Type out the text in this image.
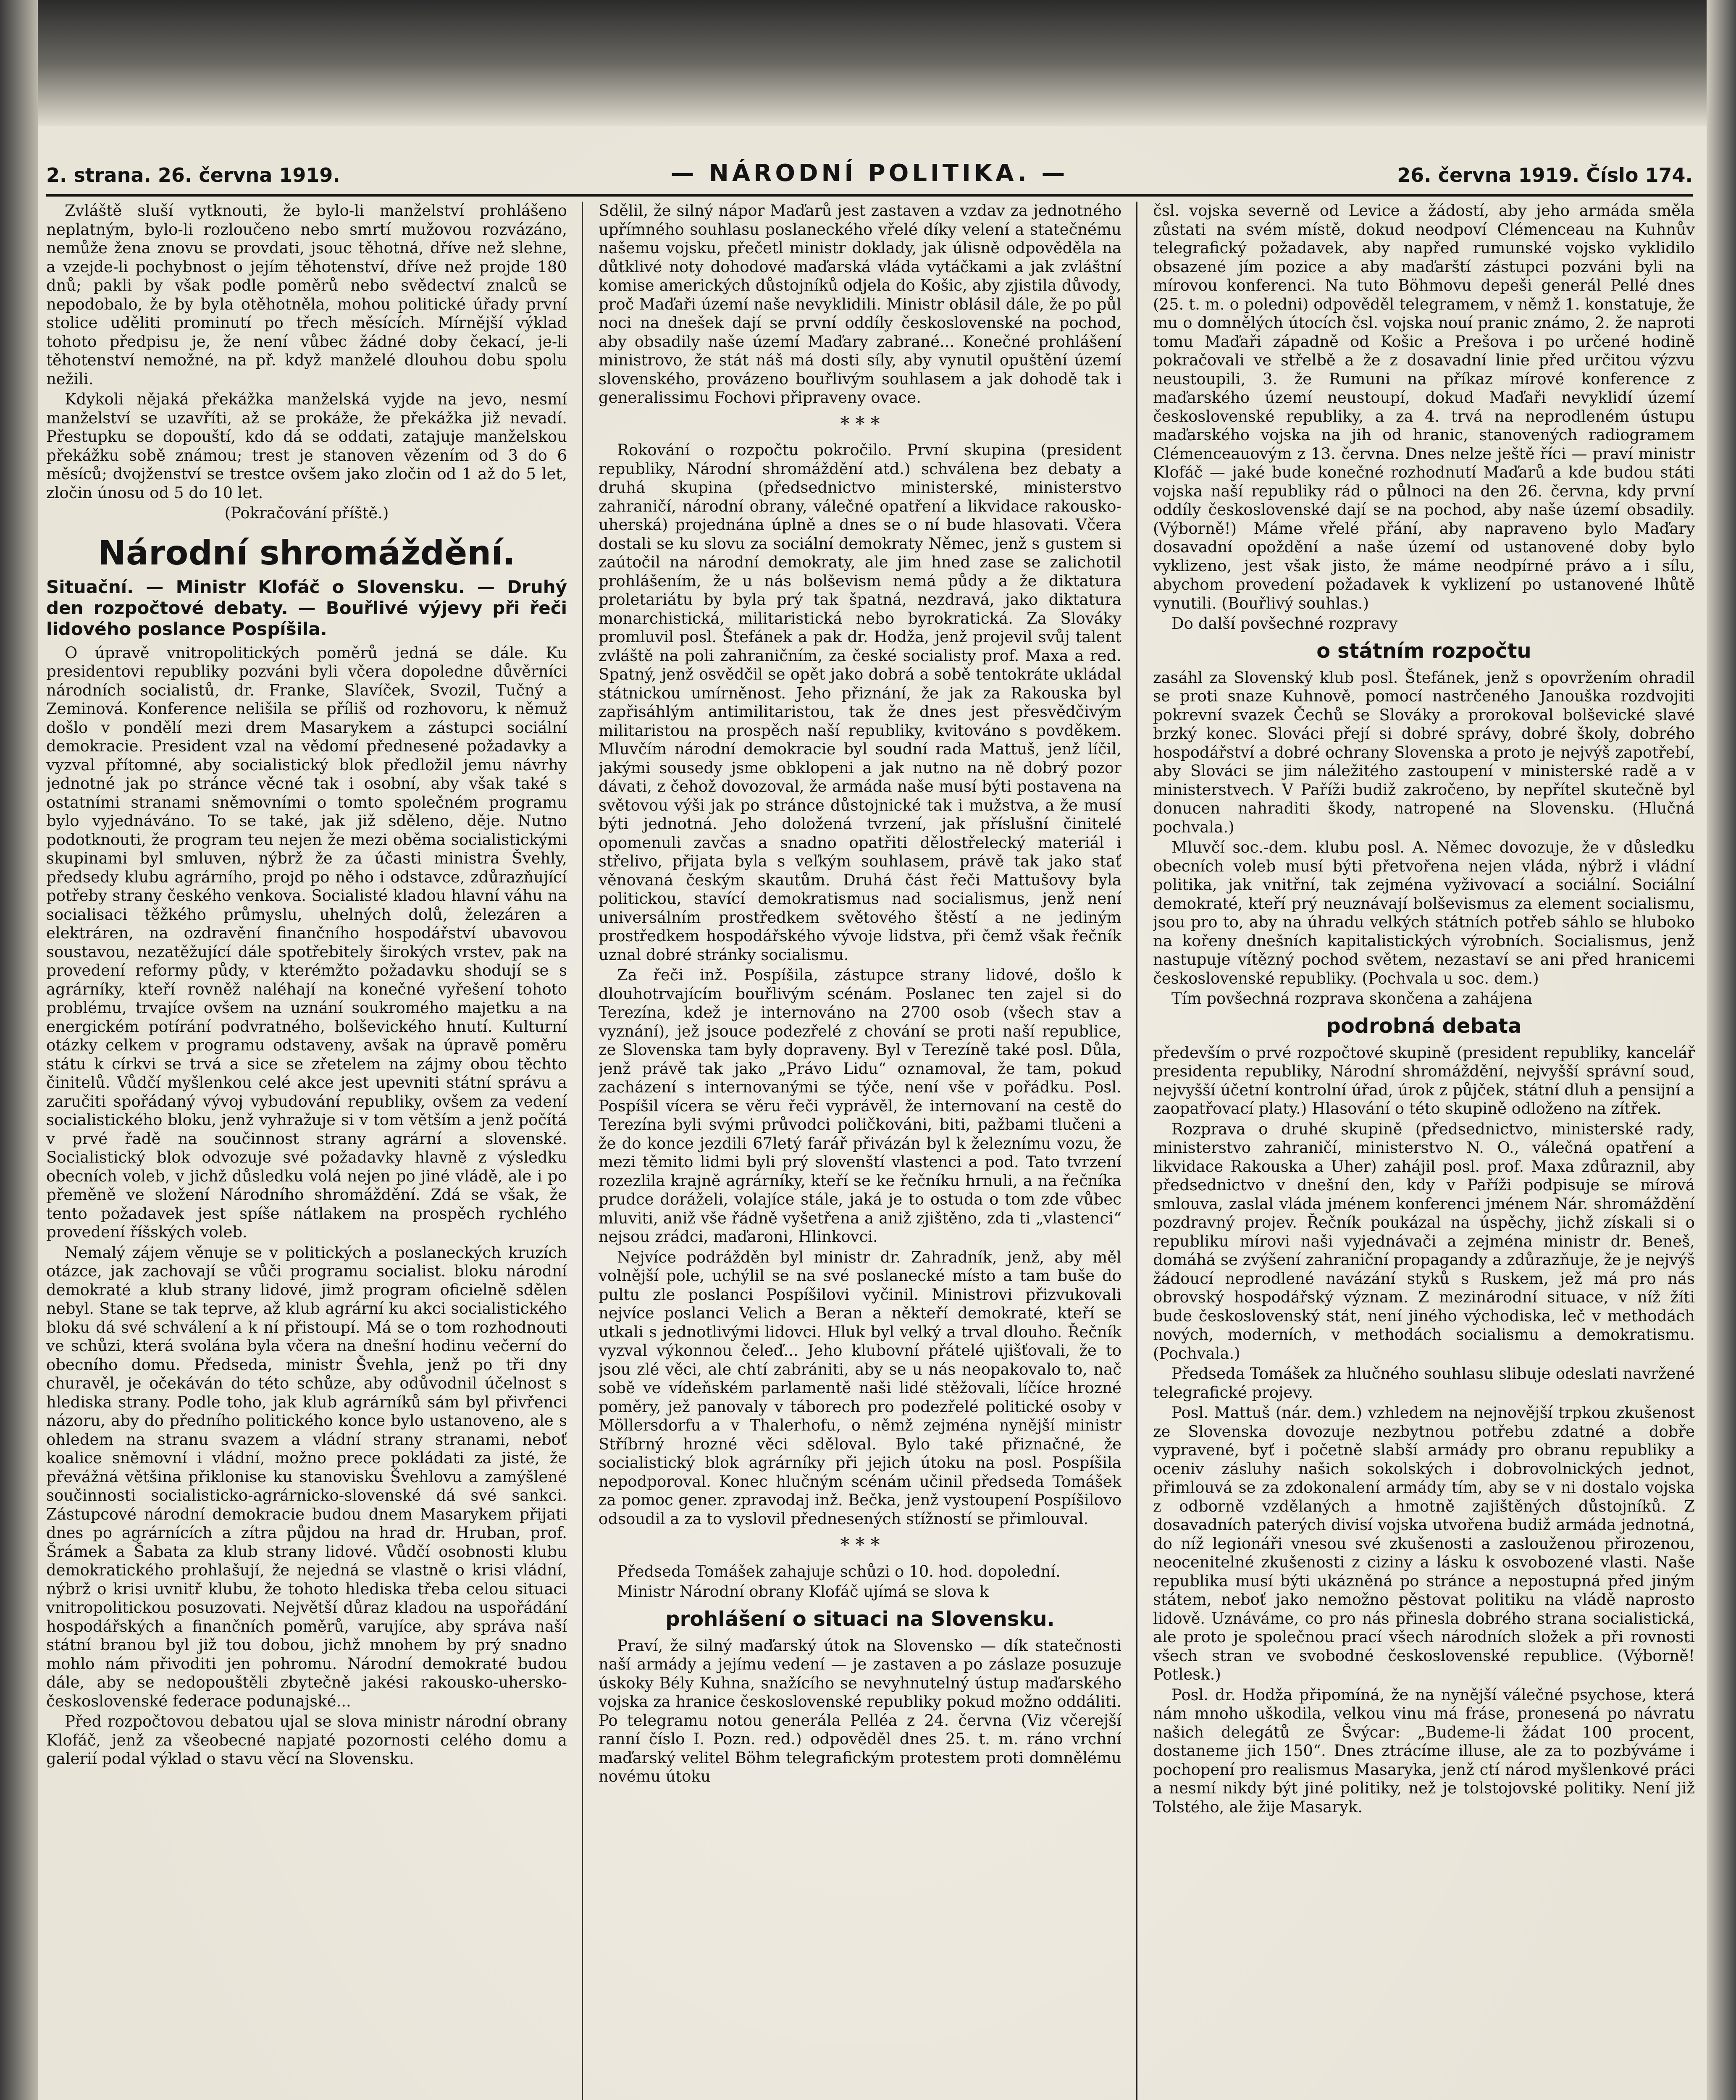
2. strana. 26. června 1919.	— NÁRODNÍ POLITIKA. —	26. června 1919. Číslo 174.

Zvláště sluší vytknouti, že bylo-li manželství prohlášeno neplatným, bylo-li rozloučeno nebo smrtí mužovou rozvázáno, nemůže žena znovu se provdati, jsouc těhotná, dříve než slehne, a vzejde-li pochybnost o jejím těhotenství, dříve než projde 180 dnů; pakli by však podle poměrů nebo svědectví znalců se nepodobalo, že by byla otěhotněla, mohou politické úřady první stolice uděliti prominutí po třech měsících. Mírnější výklad tohoto předpisu je, že není vůbec žádné doby čekací, je-li těhotenství nemožné, na př. když manželé dlouhou dobu spolu nežili.

Kdykoli nějaká překážka manželská vyjde na jevo, nesmí manželství se uzavříti, až se prokáže, že překážka již nevadí. Přestupku se dopouští, kdo dá se oddati, zatajuje manželskou překážku sobě známou; trest je stanoven vězením od 3 do 6 měsíců; dvojženství se trestce ovšem jako zločin od 1 až do 5 let, zločin únosu od 5 do 10 let.

(Pokračování příště.)

Národní shromáždění.
Situační. — Ministr Klofáč o Slovensku. — Druhý den rozpočtové debaty. — Bouřlivé výjevy při řeči lidového poslance Pospíšila.

O úpravě vnitropolitických poměrů jedná se dále. Ku presidentovi republiky pozváni byli včera dopoledne důvěrníci národních socialistů, dr. Franke, Slavíček, Svozil, Tučný a Zeminová. Konference nelišila se příliš od rozhovoru, k němuž došlo v pondělí mezi drem Masarykem a zástupci sociální demokracie. President vzal na vědomí přednesené požadavky a vyzval přítomné, aby socialistický blok předložil jemu návrhy jednotné jak po stránce věcné tak i osobní, aby však také s ostatními stranami sněmovními o tomto společném programu bylo vyjednáváno. To se také, jak již sděleno, děje. Nutno podotknouti, že program teu nejen že mezi oběma socialistickými skupinami byl smluven, nýbrž že za účasti ministra Švehly, předsedy klubu agrárního, projd po něho i odstavce, zdůrazňující potřeby strany českého venkova. Socialisté kladou hlavní váhu na socialisaci těžkého průmyslu, uhelných dolů, železáren a elektráren, na ozdravění finančního hospodářství ubavovou soustavou, nezatěžující dále spotřebitely širokých vrstev, pak na provedení reformy půdy, v kterémžto požadavku shodují se s agrárníky, kteří rovněž naléhají na konečné vyřešení tohoto problému, trvajíce ovšem na uznání soukromého majetku a na energickém potírání podvratného, bolševického hnutí. Kulturní otázky celkem v programu odstaveny, avšak na úpravě poměru státu k církvi se trvá a sice se zřetelem na zájmy obou těchto činitelů. Vůdčí myšlenkou celé akce jest upevniti státní správu a zaručiti spořádaný vývoj vybudování republiky, ovšem za vedení socialistického bloku, jenž vyhražuje si v tom větším a jenž počítá v prvé řadě na součinnost strany agrární a slovenské. Socialistický blok odvozuje své požadavky hlavně z výsledku obecních voleb, v jichž důsledku volá nejen po jiné vládě, ale i po přeměně ve složení Národního shromáždění. Zdá se však, že tento požadavek jest spíše nátlakem na prospěch rychlého provedení říšských voleb.

Nemalý zájem věnuje se v politických a poslaneckých kruzích otázce, jak zachovají se vůči programu socialist. bloku národní demokraté a klub strany lidové, jimž program oficielně sdělen nebyl. Stane se tak teprve, až klub agrární ku akci socialistického bloku dá své schválení a k ní přistoupí. Má se o tom rozhodnouti ve schůzi, která svolána byla včera na dnešní hodinu večerní do obecního domu. Předseda, ministr Švehla, jenž po tři dny churavěl, je očekáván do této schůze, aby odůvodnil účelnost s hlediska strany. Podle toho, jak klub agrárníků sám byl přivřenci názoru, aby do předního politického konce bylo ustanoveno, ale s ohledem na stranu svazem a vládní strany stranami, neboť koalice sněmovní i vládní, možno prece pokládati za jisté, že převážná většina přiklonise ku stanovisku Švehlovu a zamýšlené součinnosti socialisticko-agrárnicko-slovenské dá své sankci. Zástupcové národní demokracie budou dnem Masarykem přijati dnes po agrárnících a zítra půjdou na hrad dr. Hruban, prof. Šrámek a Šabata za klub strany lidové. Vůdčí osobnosti klubu demokratického prohlašují, že nejedná se vlastně o krisi vládní, nýbrž o krisi uvnitř klubu, že tohoto hlediska třeba celou situaci vnitropolitickou posuzovati. Největší důraz kladou na uspořádání hospodářských a finančních poměrů, varujíce, aby správa naší státní branou byl již tou dobou, jichž mnohem by prý snadno mohlo nám přivoditi jen pohromu. Národní demokraté budou dále, aby se nedopouštěli zbytečně jakési rakousko-uhersko-československé federace podunajské...

Před rozpočtovou debatou ujal se slova ministr národní obrany Klofáč, jenž za všeobecné napjaté pozornosti celého domu a galerií podal výklad o stavu věcí na Slovensku.

Sdělil, že silný nápor Maďarů jest zastaven a vzdav za jednotného upřímného souhlasu poslaneckého vřelé díky velení a statečnému našemu vojsku, přečetl ministr doklady, jak úlisně odpověděla na důtklivé noty dohodové maďarská vláda vytáčkami a jak zvláštní komise amerických důstojníků odjela do Košic, aby zjistila důvody, proč Maďaři území naše nevyklidili. Ministr oblásil dále, že po půl noci na dnešek dají se první oddíly československé na pochod, aby obsadily naše území Maďary zabrané... Konečné prohlášení ministrovo, že stát náš má dosti síly, aby vynutil opuštění území slovenského, provázeno bouřlivým souhlasem a jak dohodě tak i generalissimu Fochovi připraveny ovace.

* * *

Rokování o rozpočtu pokročilo. První skupina (president republiky, Národní shromáždění atd.) schválena bez debaty a druhá skupina (předsednictvo ministerské, ministerstvo zahraničí, národní obrany, válečné opatření a likvidace rakousko-uherská) projednána úplně a dnes se o ní bude hlasovati. Včera dostali se ku slovu za sociální demokraty Němec, jenž s gustem si zaútočil na národní demokraty, ale jim hned zase se zalichotil prohlášením, že u nás bolševism nemá půdy a že diktatura proletariátu by byla prý tak špatná, nezdravá, jako diktatura monarchistická, militaristická nebo byrokratická. Za Slováky promluvil posl. Štefánek a pak dr. Hodža, jenž projevil svůj talent zvláště na poli zahraničním, za české socialisty prof. Maxa a red. Spatný, jenž osvědčil se opět jako dobrá a sobě tentokráte ukládal státnickou umírněnost. Jeho přiznání, že jak za Rakouska byl zapřisáhlým antimilitaristou, tak že dnes jest přesvědčivým militaristou na prospěch naší republiky, kvitováno s povděkem. Mluvčím národní demokracie byl soudní rada Mattuš, jenž líčil, jakými sousedy jsme obklopeni a jak nutno na ně dobrý pozor dávati, z čehož dovozoval, že armáda naše musí býti postavena na světovou výši jak po stránce důstojnické tak i mužstva, a že musí býti jednotná. Jeho doložená tvrzení, jak příslušní činitelé opomenuli zavčas a snadno opatřiti dělostřelecký materiál i střelivo, přijata byla s veľkým souhlasem, právě tak jako stať věnovaná českým skautům. Druhá část řeči Mattušovy byla politickou, stavící demokratismus nad socialismus, jenž není universálním prostředkem světového štěstí a ne jediným prostředkem hospodářského vývoje lidstva, při čemž však řečník uznal dobré stránky socialismu.

Za řeči inž. Pospíšila, zástupce strany lidové, došlo k dlouhotrvajícím bouřlivým scénám. Poslanec ten zajel si do Terezína, kdež je internováno na 2700 osob (všech stav a vyznání), jež jsouce podezřelé z chování se proti naší republice, ze Slovenska tam byly dopraveny. Byl v Terezíně také posl. Důla, jenž právě tak jako „Právo Lidu“ oznamoval, že tam, pokud zacházení s internovanými se týče, není vše v pořádku. Posl. Pospíšil vícera se věru řeči vyprávěl, že internovaní na cestě do Terezína byli svými průvodci poličkováni, biti, pažbami tlučeni a že do konce jezdili 67letý farář přivázán byl k železnímu vozu, že mezi těmito lidmi byli prý slovenští vlastenci a pod. Tato tvrzení rozezlila krajně agrárníky, kteří se ke řečníku hrnuli, a na řečníka prudce doráželi, volajíce stále, jaká je to ostuda o tom zde vůbec mluviti, aniž vše řádně vyšetřena a aniž zjištěno, zda ti „vlastenci“ nejsou zrádci, maďaroni, Hlinkovci.

Nejvíce podrážděn byl ministr dr. Zahradník, jenž, aby měl volnější pole, uchýlil se na své poslanecké místo a tam buše do pultu zle poslanci Pospíšilovi vyčinil. Ministrovi přizvukovali nejvíce poslanci Velich a Beran a někteří demokraté, kteří se utkali s jednotlivými lidovci. Hluk byl velký a trval dlouho. Řečník vyzval výkonnou čeleď... Jeho klubovní přátelé ujišťovali, že to jsou zlé věci, ale chtí zabrániti, aby se u nás neopakovalo to, nač sobě ve vídeňském parlamentě naši lidé stěžovali, líčíce hrozné poměry, jež panovaly v táborech pro podezřelé politické osoby v Möllersdorfu a v Thalerhofu, o němž zejména nynější ministr Stříbrný hrozné věci sděloval. Bylo také přiznačné, že socialistický blok agrárníky při jejich útoku na posl. Pospíšila nepodporoval. Konec hlučným scénám učinil předseda Tomášek za pomoc gener. zpravodaj inž. Bečka, jenž vystoupení Pospíšilovo odsoudil a za to vyslovil přednesených stížností se přimlouval.

* * *

Předseda Tomášek zahajuje schůzi o 10. hod. dopolední.

Ministr Národní obrany Klofáč ujímá se slova k

prohlášení o situaci na Slovensku.

Praví, že silný maďarský útok na Slovensko — dík statečnosti naší armády a jejímu vedení — je zastaven a po záslaze posuzuje úskoky Bély Kuhna, snažícího se nevyhnutelný ústup maďarského vojska za hranice československé republiky pokud možno oddáliti. Po telegramu notou generála Pelléa z 24. června (Viz včerejší ranní číslo I. Pozn. red.) odpověděl dnes 25. t. m. ráno vrchní maďarský velitel Böhm telegrafickým protestem proti domnělému novému útoku

čsl. vojska severně od Levice a žádostí, aby jeho armáda směla zůstati na svém místě, dokud neodpoví Clémenceau na Kuhnův telegrafický požadavek, aby napřed rumunské vojsko vyklidilo obsazené jím pozice a aby maďarští zástupci pozváni byli na mírovou konferenci. Na tuto Böhmovu depeši generál Pellé dnes (25. t. m. o poledni) odpověděl telegramem, v němž 1. konstatuje, že mu o domnělých útocích čsl. vojska nouí pranic známo, 2. že naproti tomu Maďaři západně od Košic a Prešova i po určené hodině pokračovali ve střelbě a že z dosavadní linie před určitou výzvu neustoupili, 3. že Rumuni na příkaz mírové konference z maďarského území neustoupí, dokud Maďaři nevyklidí území československé republiky, a za 4. trvá na neprodleném ústupu maďarského vojska na jih od hranic, stanovených radiogramem Clémenceauovým z 13. června. Dnes nelze ještě říci — praví ministr Klofáč — jaké bude konečné rozhodnutí Maďarů a kde budou státi vojska naší republiky rád o půlnoci na den 26. června, kdy první oddíly československé dají se na pochod, aby naše území obsadily. (Výborně!) Máme vřelé přání, aby napraveno bylo Maďary dosavadní opoždění a naše území od ustanovené doby bylo vyklizeno, jest však jisto, že máme neodpírné právo a i sílu, abychom provedení požadavek k vyklizení po ustanovené lhůtě vynutili. (Bouřlivý souhlas.)

Do další povšechné rozpravy

o státním rozpočtu

zasáhl za Slovenský klub posl. Štefánek, jenž s opovržením ohradil se proti snaze Kuhnově, pomocí nastrčeného Janouška rozdvojiti pokrevní svazek Čechů se Slováky a prorokoval bolševické slavé brzký konec. Slováci přejí si dobré správy, dobré školy, dobrého hospodářství a dobré ochrany Slovenska a proto je nejvýš zapotřebí, aby Slováci se jim náležitého zastoupení v ministerské radě a v ministerstvech. V Paříži budiž zakročeno, by nepřítel skutečně byl donucen nahraditi škody, natropené na Slovensku. (Hlučná pochvala.)

Mluvčí soc.-dem. klubu posl. A. Němec dovozuje, že v důsledku obecních voleb musí býti přetvořena nejen vláda, nýbrž i vládní politika, jak vnitřní, tak zejména vyživovací a sociální. Sociální demokraté, kteří prý neuznávají bolševismus za element socialismu, jsou pro to, aby na úhradu velkých státních potřeb sáhlo se hluboko na kořeny dnešních kapitalistických výrobních. Socialismus, jenž nastupuje vítězný pochod světem, nezastaví se ani před hranicemi československé republiky. (Pochvala u soc. dem.)

Tím povšechná rozprava skončena a zahájena

podrobná debata

především o prvé rozpočtové skupině (president republiky, kancelář presidenta republiky, Národní shromáždění, nejvyšší správní soud, nejvyšší účetní kontrolní úřad, úrok z půjček, státní dluh a pensijní a zaopatřovací platy.) Hlasování o této skupině odloženo na zítřek.

Rozprava o druhé skupině (předsednictvo, ministerské rady, ministerstvo zahraničí, ministerstvo N. O., válečná opatření a likvidace Rakouska a Uher) zahájil posl. prof. Maxa zdůraznil, aby předsednictvo v dnešní den, kdy v Paříži podpisuje se mírová smlouva, zaslal vláda jménem konferenci jménem Nár. shromáždění pozdravný projev. Řečník poukázal na úspěchy, jichž získali si o republiku mírovi naši vyjednávači a zejména ministr dr. Beneš, domáhá se zvýšení zahraniční propagandy a zdůrazňuje, že je nejvýš žádoucí neprodlené navázání styků s Ruskem, jež má pro nás obrovský hospodářský význam. Z mezinárodní situace, v níž žíti bude československý stát, není jiného východiska, leč v methodách nových, moderních, v methodách socialismu a demokratismu. (Pochvala.)

Předseda Tomášek za hlučného souhlasu slibuje odeslati navržené telegrafické projevy.

Posl. Mattuš (nár. dem.) vzhledem na nejnovější trpkou zkušenost ze Slovenska dovozuje nezbytnou potřebu zdatné a dobře vypravené, byť i početně slabší armády pro obranu republiky a oceniv zásluhy našich sokolských i dobrovolnických jednot, přimlouvá se za zdokonalení armády tím, aby se v ni dostalo vojska z odborně vzdělaných a hmotně zajištěných důstojníků. Z dosavadních paterých divisí vojska utvořena budiž armáda jednotná, do níž legionáři vnesou své zkušenosti a zaslouženou přirozenou, neocenitelné zkušenosti z ciziny a lásku k osvobozené vlasti. Naše republika musí býti ukázněná po stránce a nepostupná před jiným státem, neboť jako nemožno pěstovat politiku na vládě naprosto lidově. Uznáváme, co pro nás přinesla dobrého strana socialistická, ale proto je společnou prací všech národních složek a při rovnosti všech stran ve svobodné československé republice. (Výborně! Potlesk.)

Posl. dr. Hodža připomíná, že na nynější válečné psychose, která nám mnoho uškodila, velkou vinu má fráse, pronesená po návratu našich delegátů ze Švýcar: „Budeme-li žádat 100 procent, dostaneme jich 150“. Dnes ztrácíme illuse, ale za to pozbýváme i pochopení pro realismus Masaryka, jenž ctí národ myšlenkové práci a nesmí nikdy být jiné politiky, než je tolstojovské politiky. Není již Tolstého, ale žije Masaryk.
